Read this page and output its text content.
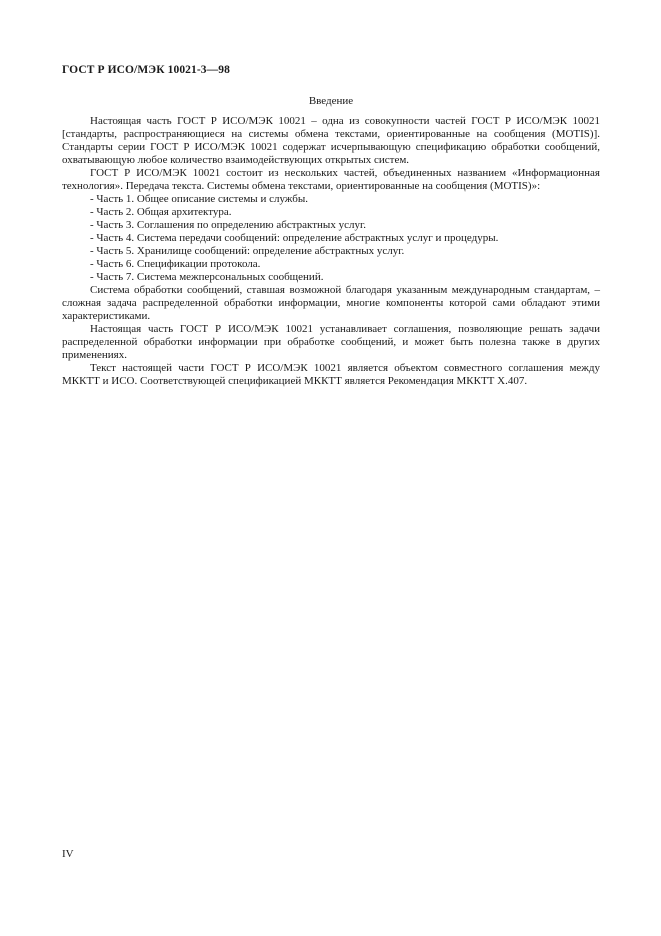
ГОСТ Р ИСО/МЭК 10021-3—98
Введение

Настоящая часть ГОСТ Р ИСО/МЭК 10021 – одна из совокупности частей ГОСТ Р ИСО/МЭК 10021 [стандарты, распространяющиеся на системы обмена текстами, ориентированные на сообщения (MOTIS)]. Стандарты серии ГОСТ Р ИСО/МЭК 10021 содержат исчерпывающую спецификацию обработки сообщений, охватывающую любое количество взаимодействующих открытых систем.

ГОСТ Р ИСО/МЭК 10021 состоит из нескольких частей, объединенных названием «Информационная технология». Передача текста. Системы обмена текстами, ориентированные на сообщения (MOTIS)»:

- Часть 1. Общее описание системы и службы.
- Часть 2. Общая архитектура.
- Часть 3. Соглашения по определению абстрактных услуг.
- Часть 4. Система передачи сообщений: определение абстрактных услуг и процедуры.
- Часть 5. Хранилище сообщений: определение абстрактных услуг.
- Часть 6. Спецификации протокола.
- Часть 7. Система межперсональных сообщений.

Система обработки сообщений, ставшая возможной благодаря указанным международным стандартам, – сложная задача распределенной обработки информации, многие компоненты которой сами обладают этими характеристиками.

Настоящая часть ГОСТ Р ИСО/МЭК 10021 устанавливает соглашения, позволяющие решать задачи распределенной обработки информации при обработке сообщений, и может быть полезна также в других применениях.

Текст настоящей части ГОСТ Р ИСО/МЭК 10021 является объектом совместного соглашения между МККТТ и ИСО. Соответствующей спецификацией МККТТ является Рекомендация МККТТ Х.407.

IV
